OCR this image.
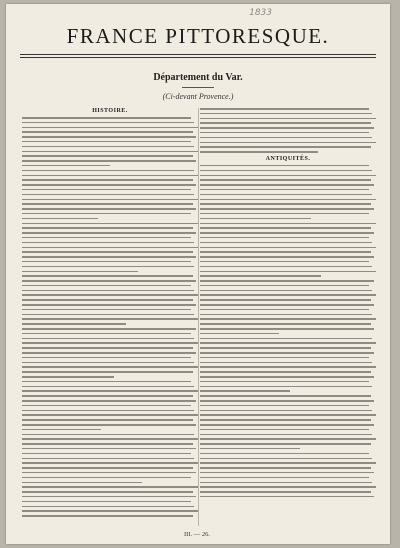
1833
FRANCE PITTORESQUE.
Département du Var.
(Ci-devant Provence.)
HISTOIRE.
ANTIQUITÉS.
III. — 26.
